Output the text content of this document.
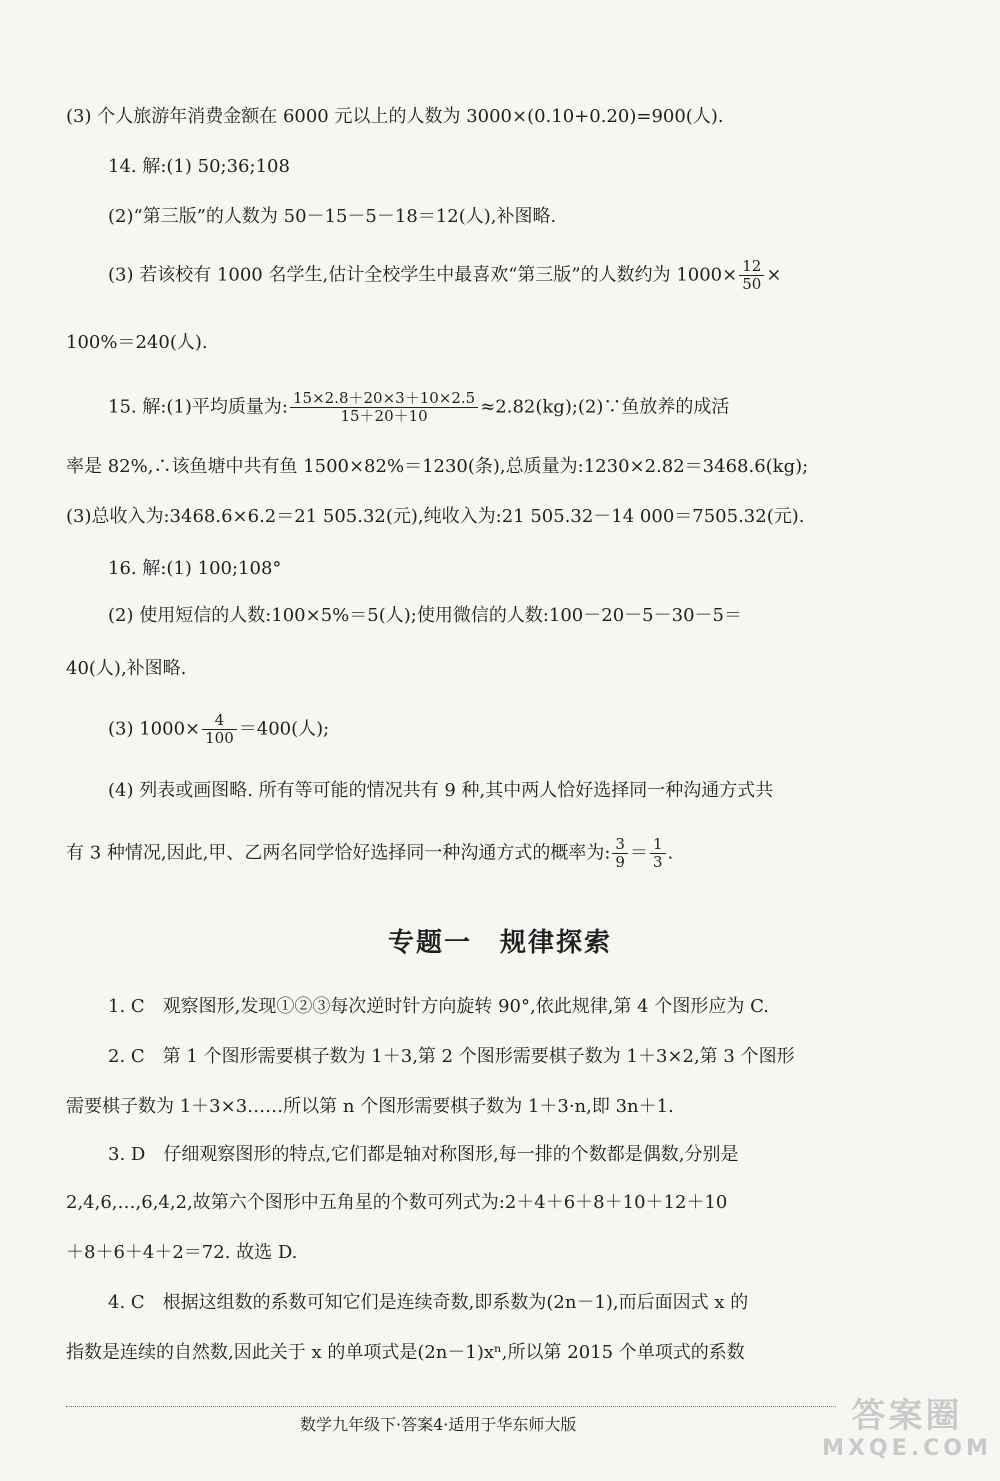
(3) 个人旅游年消费金额在 6000 元以上的人数为 3000×(0.10+0.20)=900(人).
14. 解:(1) 50;36;108
(2)“第三版”的人数为 50－15－5－18＝12(人),补图略.
(3) 若该校有 1000 名学生,估计全校学生中最喜欢“第三版”的人数约为 $1000\times \frac{12}{50}$ ×
100%＝240(人).
15. 解:(1)平均质量为: $\frac{15\times 2.8+20\times 3+10\times 2.5}{15+20+10}$ ≈2.82(kg);(2)∵鱼放养的成活
率是 82%,∴该鱼塘中共有鱼 1500×82%＝1230(条),总质量为:1230×2.82＝3468.6(kg);
(3)总收入为:3468.6×6.2＝21 505.32(元),纯收入为:21 505.32－14 000＝7505.32(元).
16. 解:(1) 100;108°
(2) 使用短信的人数:100×5%＝5(人);使用微信的人数:100－20－5－30－5＝
40(人),补图略.
(3) $1000\times \frac{4}{100} =400$(人);
(4) 列表或画图略. 所有等可能的情况共有 9 种,其中两人恰好选择同一种沟通方式共
有 3 种情况,因此,甲、乙两名同学恰好选择同一种沟通方式的概率为: $\frac{3}{9} = \frac{1}{3}$ .
专题一　规律探索
1. C　观察图形,发现①②③每次逆时针方向旋转 90°,依此规律,第 4 个图形应为 C.
2. C　第 1 个图形需要棋子数为 1＋3,第 2 个图形需要棋子数为 1＋3×2,第 3 个图形
需要棋子数为 1＋3×3……所以第 n 个图形需要棋子数为 1＋3·n,即 3n＋1.
3. D　仔细观察图形的特点,它们都是轴对称图形,每一排的个数都是偶数,分别是
2,4,6,…,6,4,2,故第六个图形中五角星的个数可列式为:2＋4＋6＋8＋10＋12＋10
＋8＋6＋4＋2＝72. 故选 D.
4. C　根据这组数的系数可知它们是连续奇数,即系数为(2n－1),而后面因式 x 的
指数是连续的自然数,因此关于 x 的单项式是(2n－1)xⁿ,所以第 2015 个单项式的系数
数学九年级下·答案4·适用于华东师大版	答案圈
MXQE.COM
